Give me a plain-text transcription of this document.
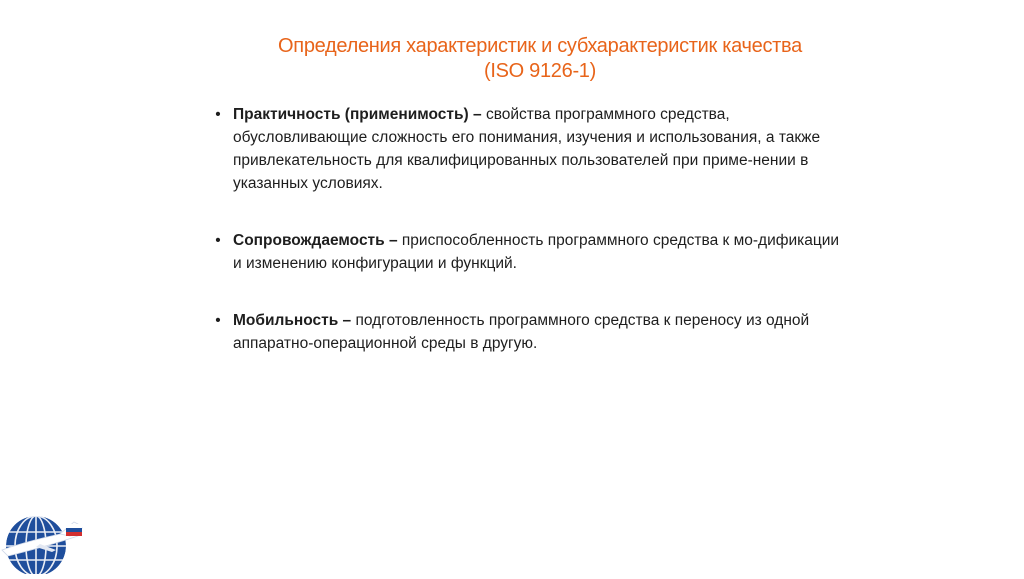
Определения характеристик и субхарактеристик качества
(ISO 9126-1)
• Практичность (применимость) – свойства программного средства, обусловливающие сложность его понимания, изучения и использования, а также привлекательность для квалифицированных пользователей при приме-нении в указанных условиях.
• Сопровождаемость – приспособленность программного средства к мо-дификации и изменению конфигурации и функций.
• Мобильность – подготовленность программного средства к переносу из одной аппаратно-операционной среды в другую.
